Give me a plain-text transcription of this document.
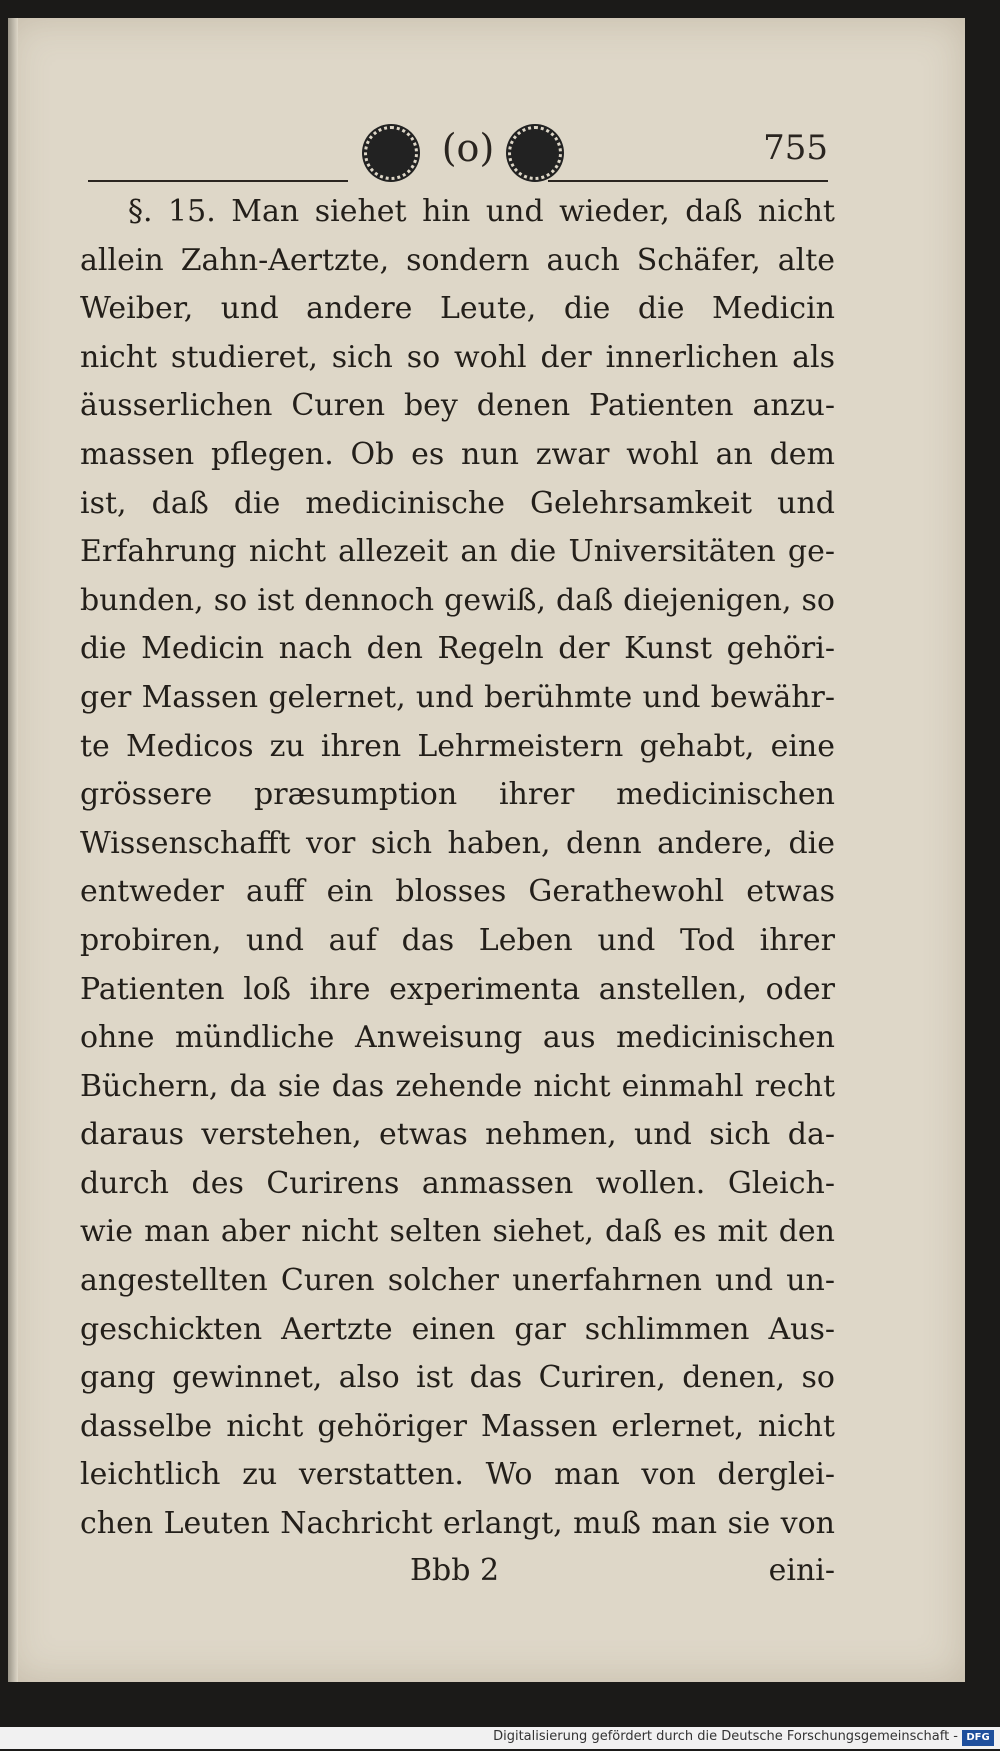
(o)	755
§. 15. Man siehet hin und wieder, daß nicht
allein Zahn-Aertzte, sondern auch Schäfer, alte
Weiber, und andere Leute, die die Medicin
nicht studieret, sich so wohl der innerlichen als
äusserlichen Curen bey denen Patienten anzu-
massen pflegen. Ob es nun zwar wohl an dem
ist, daß die medicinische Gelehrsamkeit und
Erfahrung nicht allezeit an die Universitäten ge-
bunden, so ist dennoch gewiß, daß diejenigen, so
die Medicin nach den Regeln der Kunst gehöri-
ger Massen gelernet, und berühmte und bewähr-
te Medicos zu ihren Lehrmeistern gehabt, eine
grössere præsumption ihrer medicinischen
Wissenschafft vor sich haben, denn andere, die
entweder auff ein blosses Gerathewohl etwas
probiren, und auf das Leben und Tod ihrer
Patienten loß ihre experimenta anstellen, oder
ohne mündliche Anweisung aus medicinischen
Büchern, da sie das zehende nicht einmahl recht
daraus verstehen, etwas nehmen, und sich da-
durch des Curirens anmassen wollen. Gleich-
wie man aber nicht selten siehet, daß es mit den
angestellten Curen solcher unerfahrnen und un-
geschickten Aertzte einen gar schlimmen Aus-
gang gewinnet, also ist das Curiren, denen, so
dasselbe nicht gehöriger Massen erlernet, nicht
leichtlich zu verstatten. Wo man von derglei-
chen Leuten Nachricht erlangt, muß man sie von
Bbb 2	eini-
Digitalisierung gefördert durch die Deutsche Forschungsgemeinschaft - DFG
